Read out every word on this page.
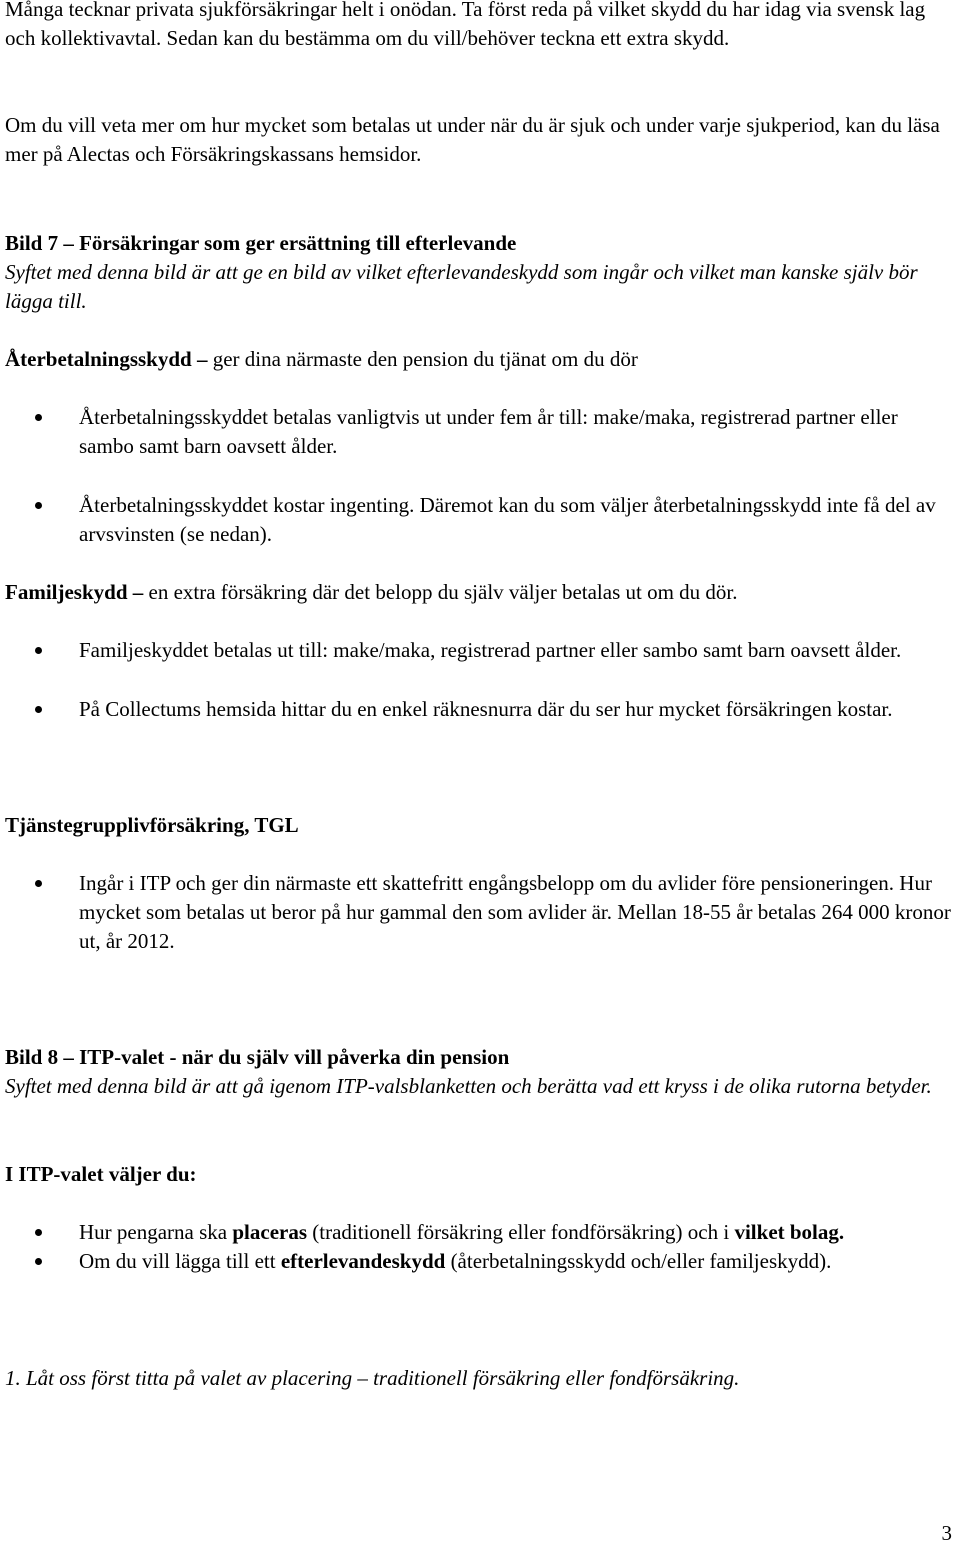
Många tecknar privata sjukförsäkringar helt i onödan. Ta först reda på vilket skydd du har idag via svensk lag och kollektivavtal. Sedan kan du bestämma om du vill/behöver teckna ett extra skydd.

Om du vill veta mer om hur mycket som betalas ut under när du är sjuk och under varje sjukperiod, kan du läsa mer på Alectas och Försäkringskassans hemsidor.

Bild 7 – Försäkringar som ger ersättning till efterlevande

Syftet med denna bild är att ge en bild av vilket efterlevandeskydd som ingår och vilket man kanske själv bör lägga till.

Återbetalningsskydd – ger dina närmaste den pension du tjänat om du dör

Återbetalningsskyddet betalas vanligtvis ut under fem år till: make/maka, registrerad partner eller sambo samt barn oavsett ålder.
Återbetalningsskyddet kostar ingenting. Däremot kan du som väljer återbetalningsskydd inte få del av arvsvinsten (se nedan).

Familjeskydd – en extra försäkring där det belopp du själv väljer betalas ut om du dör.

Familjeskyddet betalas ut till: make/maka, registrerad partner eller sambo samt barn oavsett ålder.
På Collectums hemsida hittar du en enkel räknesnurra där du ser hur mycket försäkringen kostar.

Tjänstegrupplivförsäkring, TGL

Ingår i ITP och ger din närmaste ett skattefritt engångsbelopp om du avlider före pensioneringen. Hur mycket som betalas ut beror på hur gammal den som avlider är. Mellan 18-55 år betalas 264 000 kronor ut, år 2012.

Bild 8 – ITP-valet - när du själv vill påverka din pension

Syftet med denna bild är att gå igenom ITP-valsblanketten och berätta vad ett kryss i de olika rutorna betyder.

I ITP-valet väljer du:

Hur pengarna ska placeras (traditionell försäkring eller fondförsäkring) och i vilket bolag.
Om du vill lägga till ett efterlevandeskydd (återbetalningsskydd och/eller familjeskydd).

1. Låt oss först titta på valet av placering – traditionell försäkring eller fondförsäkring.

3
